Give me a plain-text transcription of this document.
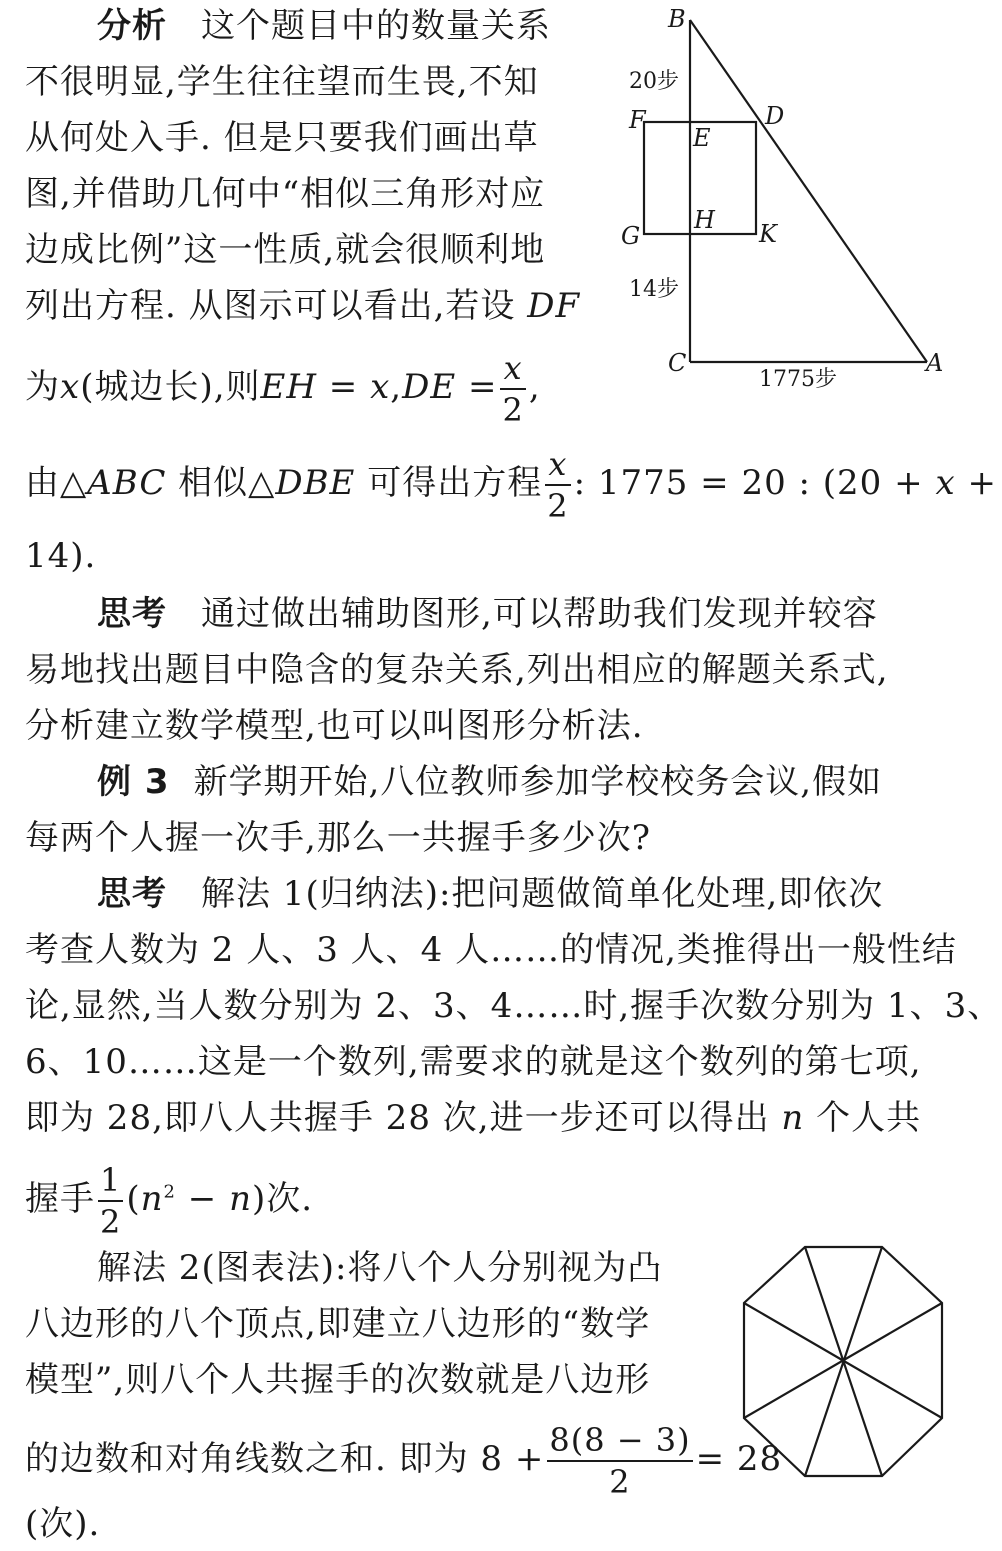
分析 这个题目中的数量关系
不很明显,学生往往望而生畏,不知
从何处入手. 但是只要我们画出草
图,并借助几何中“相似三角形对应
边成比例”这一性质,就会很顺利地
列出方程. 从图示可以看出,若设 DF
为x(城边长),则EH = $x,DE = \frac{x}{2}$ ,
由△ABC 相似△DBE 可得出方程 $\frac{x}{2}$ : 1775 = 20 : (20 + x +
14).
B
20步
F
E
D
G
H K
14步
C	A
1775步
思考 通过做出辅助图形,可以帮助我们发现并较容
易地找出题目中隐含的复杂关系,列出相应的解题关系式,
分析建立数学模型,也可以叫图形分析法.
例 3 新学期开始,八位教师参加学校校务会议,假如
每两个人握一次手,那么一共握手多少次?
思考 解法 1(归纳法):把问题做简单化处理,即依次
考查人数为 2 人、3 人、4 人……的情况,类推得出一般性结
论,显然,当人数分别为 2、3、4……时,握手次数分别为 1、3、
6、10……这是一个数列,需要求的就是这个数列的第七项,
即为 28,即八人共握手 28 次,进一步还可以得出 n 个人共
握手 $\frac{1}{2} (n^2 - n)$次.
解法 2(图表法):将八个人分别视为凸
八边形的八个顶点,即建立八边形的“数学
模型”,则八个人共握手的次数就是八边形
的边数和对角线数之和. 即为 $8 + \frac{8(8 - 3)}{2} = 28$
(次).
